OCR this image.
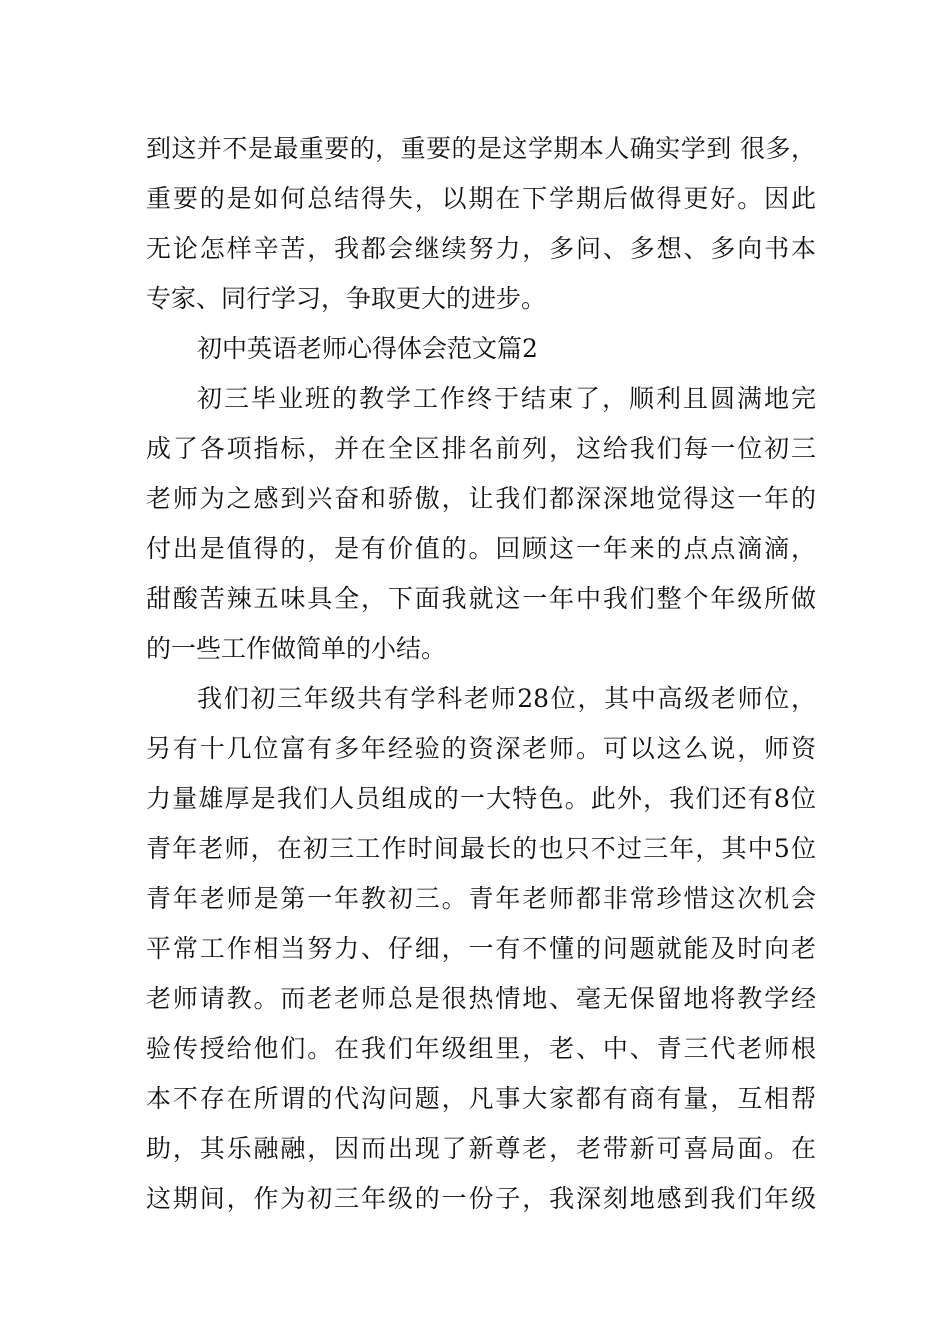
到这并不是最重要的，重要的是这学期本人确实学到 很多，
重要的是如何总结得失，以期在下学期后做得更好。因此
无论怎样辛苦，我都会继续努力，多问、多想、多向书本
专家、同行学习，争取更大的进步。
初中英语老师心得体会范文篇2
初三毕业班的教学工作终于结束了，顺利且圆满地完
成了各项指标，并在全区排名前列，这给我们每一位初三
老师为之感到兴奋和骄傲，让我们都深深地觉得这一年的
付出是值得的，是有价值的。回顾这一年来的点点滴滴，
甜酸苦辣五味具全，下面我就这一年中我们整个年级所做
的一些工作做简单的小结。
我们初三年级共有学科老师28位，其中高级老师位，
另有十几位富有多年经验的资深老师。可以这么说，师资
力量雄厚是我们人员组成的一大特色。此外，我们还有8位
青年老师，在初三工作时间最长的也只不过三年，其中5位
青年老师是第一年教初三。青年老师都非常珍惜这次机会
平常工作相当努力、仔细，一有不懂的问题就能及时向老
老师请教。而老老师总是很热情地、毫无保留地将教学经
验传授给他们。在我们年级组里，老、中、青三代老师根
本不存在所谓的代沟问题，凡事大家都有商有量，互相帮
助，其乐融融，因而出现了新尊老，老带新可喜局面。在
这期间，作为初三年级的一份子，我深刻地感到我们年级
